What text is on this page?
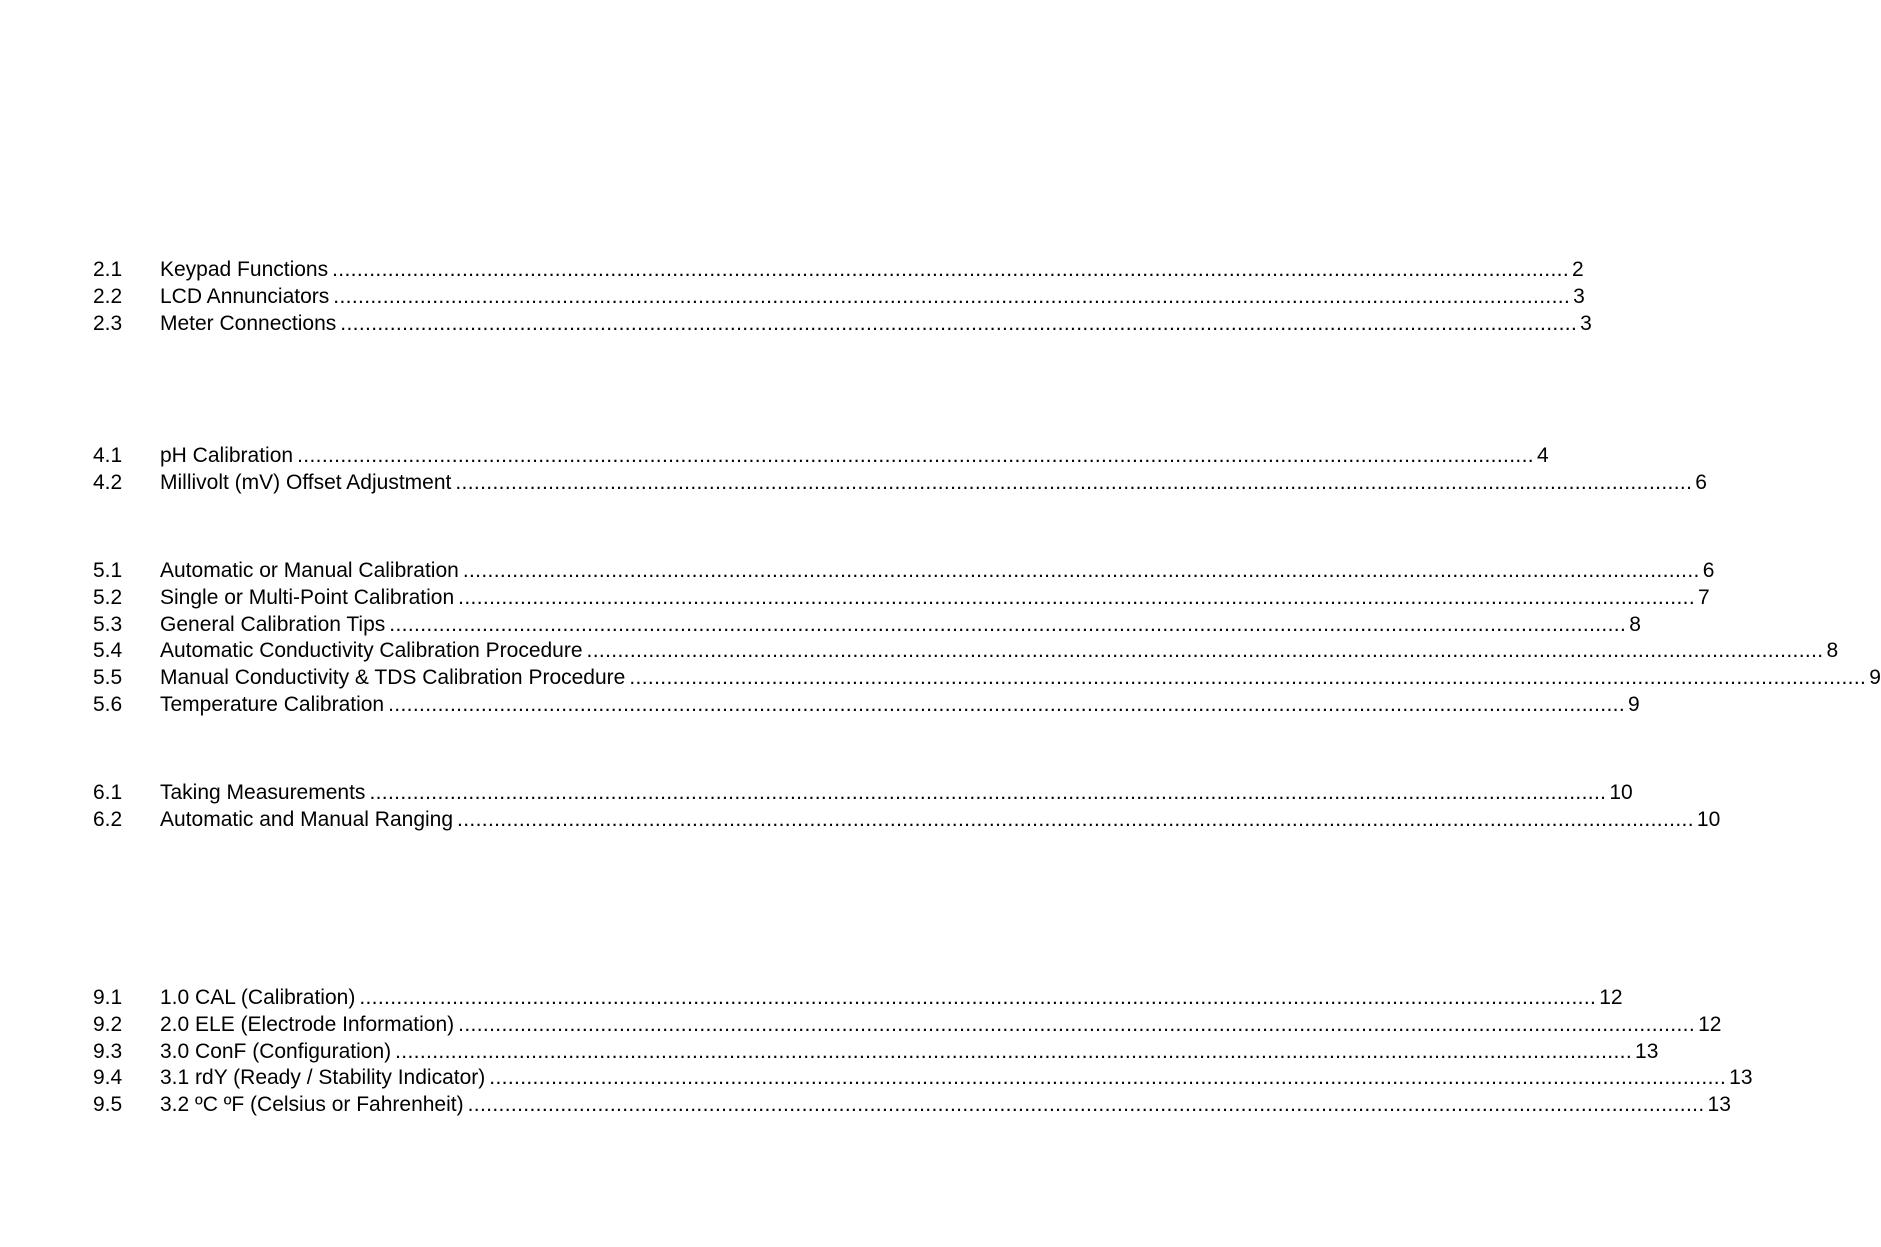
2.1 Keypad Functions ........................................................................................................................................................................................................ 2
2.2 LCD Annunciators ........................................................................................................................................................................................................ 3
2.3 Meter Connections ........................................................................................................................................................................................................ 3
4.1 pH Calibration ........................................................................................................................................................................................................ 4
4.2 Millivolt (mV) Offset Adjustment ........................................................................................................................................................................................................ 6
5.1 Automatic or Manual Calibration ........................................................................................................................................................................................................ 6
5.2 Single or Multi-Point Calibration ........................................................................................................................................................................................................ 7
5.3 General Calibration Tips ........................................................................................................................................................................................................ 8
5.4 Automatic Conductivity Calibration Procedure ........................................................................................................................................................................................................ 8
5.5 Manual Conductivity & TDS Calibration Procedure ........................................................................................................................................................................................................ 9
5.6 Temperature Calibration ........................................................................................................................................................................................................ 9
6.1 Taking Measurements ........................................................................................................................................................................................................ 10
6.2 Automatic and Manual Ranging ........................................................................................................................................................................................................ 10
9.1 1.0 CAL (Calibration) ........................................................................................................................................................................................................ 12
9.2 2.0 ELE (Electrode Information) ........................................................................................................................................................................................................ 12
9.3 3.0 ConF (Configuration) ........................................................................................................................................................................................................ 13
9.4 3.1 rdY (Ready / Stability Indicator) ........................................................................................................................................................................................................ 13
9.5 3.2 ºC ºF (Celsius or Fahrenheit) ........................................................................................................................................................................................................ 13
